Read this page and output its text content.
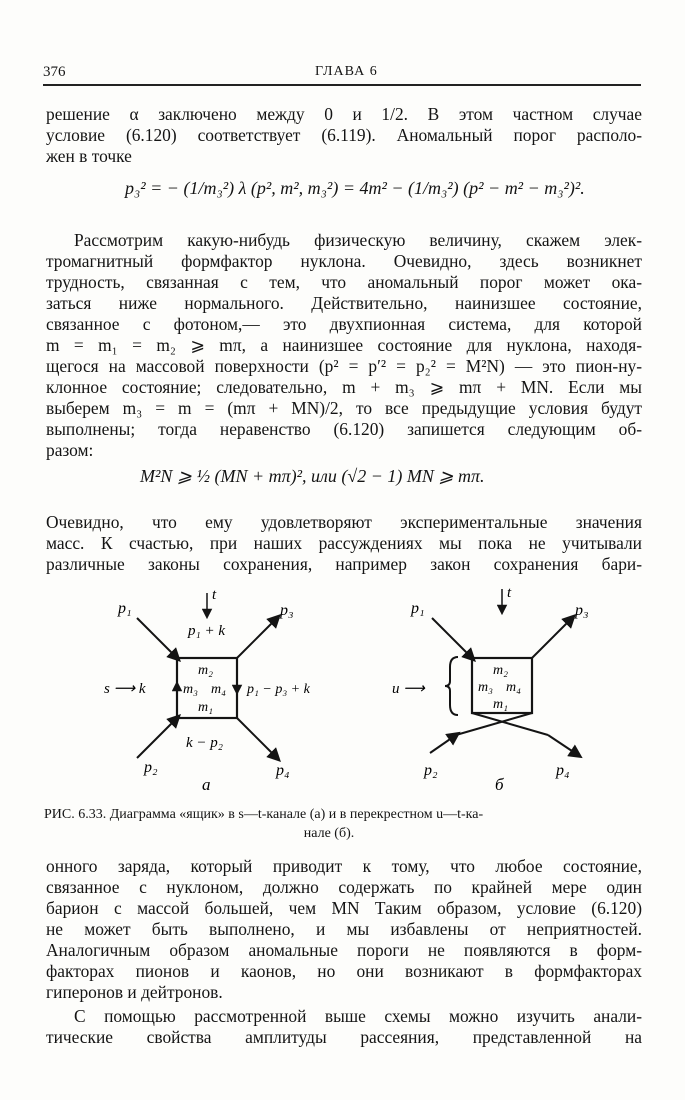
376	ГЛАВА 6
решение α заключено между 0 и 1/2. В этом частном случае
условие (6.120) соответствует (6.119). Аномальный порог располо-
жен в точке
p₃² = − (1/m₃²) λ (p², m², m₃²) = 4m² − (1/m₃²) (p² − m² − m₃²)².
Рассмотрим какую-нибудь физическую величину, скажем элек-
тромагнитный формфактор нуклона. Очевидно, здесь возникнет
трудность, связанная с тем, что аномальный порог может ока-
заться ниже нормального. Действительно, наинизшее состояние,
связанное с фотоном,— это двухпионная система, для которой
m = m₁ = m₂ ⩾ mπ, а наинизшее состояние для нуклона, находя-
щегося на массовой поверхности (p² = p′² = p₂² = M²N) — это пион-ну-
клонное состояние; следовательно, m + m₃ ⩾ mπ + MN. Если мы
выберем m₃ = m = (mπ + MN)/2, то все предыдущие условия будут
выполнены; тогда неравенство (6.120) запишется следующим об-
разом:
M²N ⩾ ½ (MN + mπ)², или (√2 − 1) MN ⩾ mπ.
Очевидно, что ему удовлетворяют экспериментальные значения
масс. К счастью, при наших рассуждениях мы пока не учитывали
различные законы сохранения, например закон сохранения бари-
p₁	p₃
p₂	p₄
t
p₁ + k
k − p₂
m₂
m₃ m₄
m₁
s ⟶ k	p₁ − p₃ + k
а
p₁	p₃
p₂	p₄
t
u ⟶
m₂
m₃ m₄
m₁
б
РИС. 6.33. Диаграмма «ящик» в s—t-канале (а) и в перекрестном u—t-ка-
нале (б).
онного заряда, который приводит к тому, что любое состояние,
связанное с нуклоном, должно содержать по крайней мере один
барион с массой большей, чем MN Таким образом, условие (6.120)
не может быть выполнено, и мы избавлены от неприятностей.
Аналогичным образом аномальные пороги не появляются в форм-
факторах пионов и каонов, но они возникают в формфакторах
гиперонов и дейтронов.
С помощью рассмотренной выше схемы можно изучить анали-
тические свойства амплитуды рассеяния, представленной на
